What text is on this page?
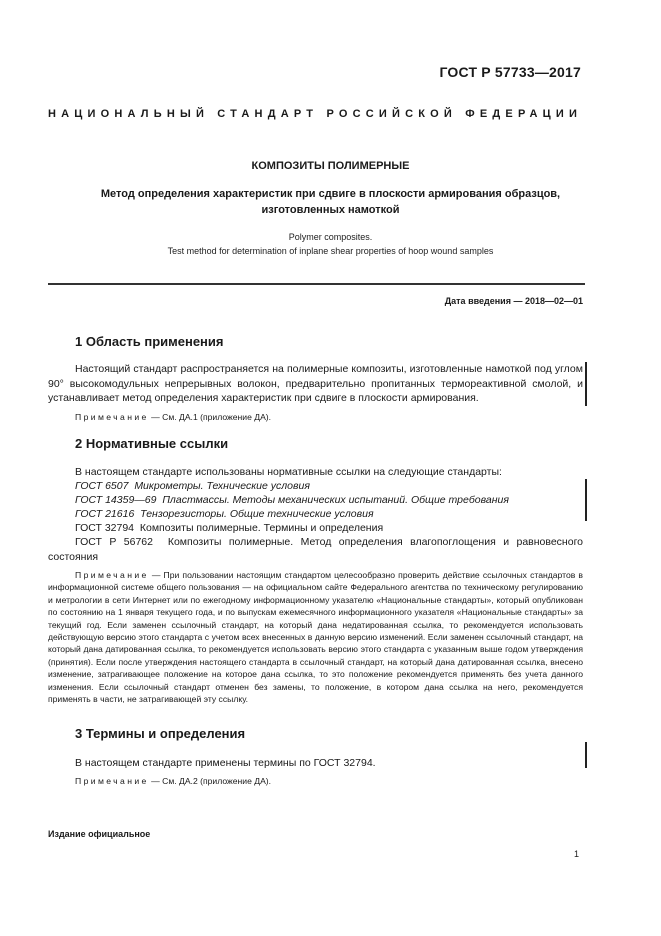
ГОСТ Р 57733—2017
НАЦИОНАЛЬНЫЙ СТАНДАРТ РОССИЙСКОЙ ФЕДЕРАЦИИ
КОМПОЗИТЫ ПОЛИМЕРНЫЕ
Метод определения характеристик при сдвиге в плоскости армирования образцов,
изготовленных намоткой
Polymer composites.
Test method for determination of inplane shear properties of hoop wound samples
Дата введения — 2018—02—01
1 Область применения
Настоящий стандарт распространяется на полимерные композиты, изготовленные намоткой под углом 90° высокомодульных непрерывных волокон, предварительно пропитанных термореактивной смолой, и устанавливает метод определения характеристик при сдвиге в плоскости армирования.
Примечание — См. ДА.1 (приложение ДА).
2 Нормативные ссылки
В настоящем стандарте использованы нормативные ссылки на следующие стандарты:
ГОСТ 6507 Микрометры. Технические условия
ГОСТ 14359—69 Пластмассы. Методы механических испытаний. Общие требования
ГОСТ 21616 Тензорезисторы. Общие технические условия
ГОСТ 32794 Композиты полимерные. Термины и определения
ГОСТ Р 56762 Композиты полимерные. Метод определения влагопоглощения и равновесного состояния
Примечание — При пользовании настоящим стандартом целесообразно проверить действие ссылочных стандартов в информационной системе общего пользования — на официальном сайте Федерального агентства по техническому регулированию и метрологии в сети Интернет или по ежегодному информационному указателю «Национальные стандарты», который опубликован по состоянию на 1 января текущего года, и по выпускам ежемесячного информационного указателя «Национальные стандарты» за текущий год. Если заменен ссылочный стандарт, на который дана недатированная ссылка, то рекомендуется использовать действующую версию этого стандарта с учетом всех внесенных в данную версию изменений. Если заменен ссылочный стандарт, на который дана датированная ссылка, то рекомендуется использовать версию этого стандарта с указанным выше годом утверждения (принятия). Если после утверждения настоящего стандарта в ссылочный стандарт, на который дана датированная ссылка, внесено изменение, затрагивающее положение на которое дана ссылка, то это положение рекомендуется применять без учета данного изменения. Если ссылочный стандарт отменен без замены, то положение, в котором дана ссылка на него, рекомендуется применять в части, не затрагивающей эту ссылку.
3 Термины и определения
В настоящем стандарте применены термины по ГОСТ 32794.
Примечание — См. ДА.2 (приложение ДА).
Издание официальное
1
